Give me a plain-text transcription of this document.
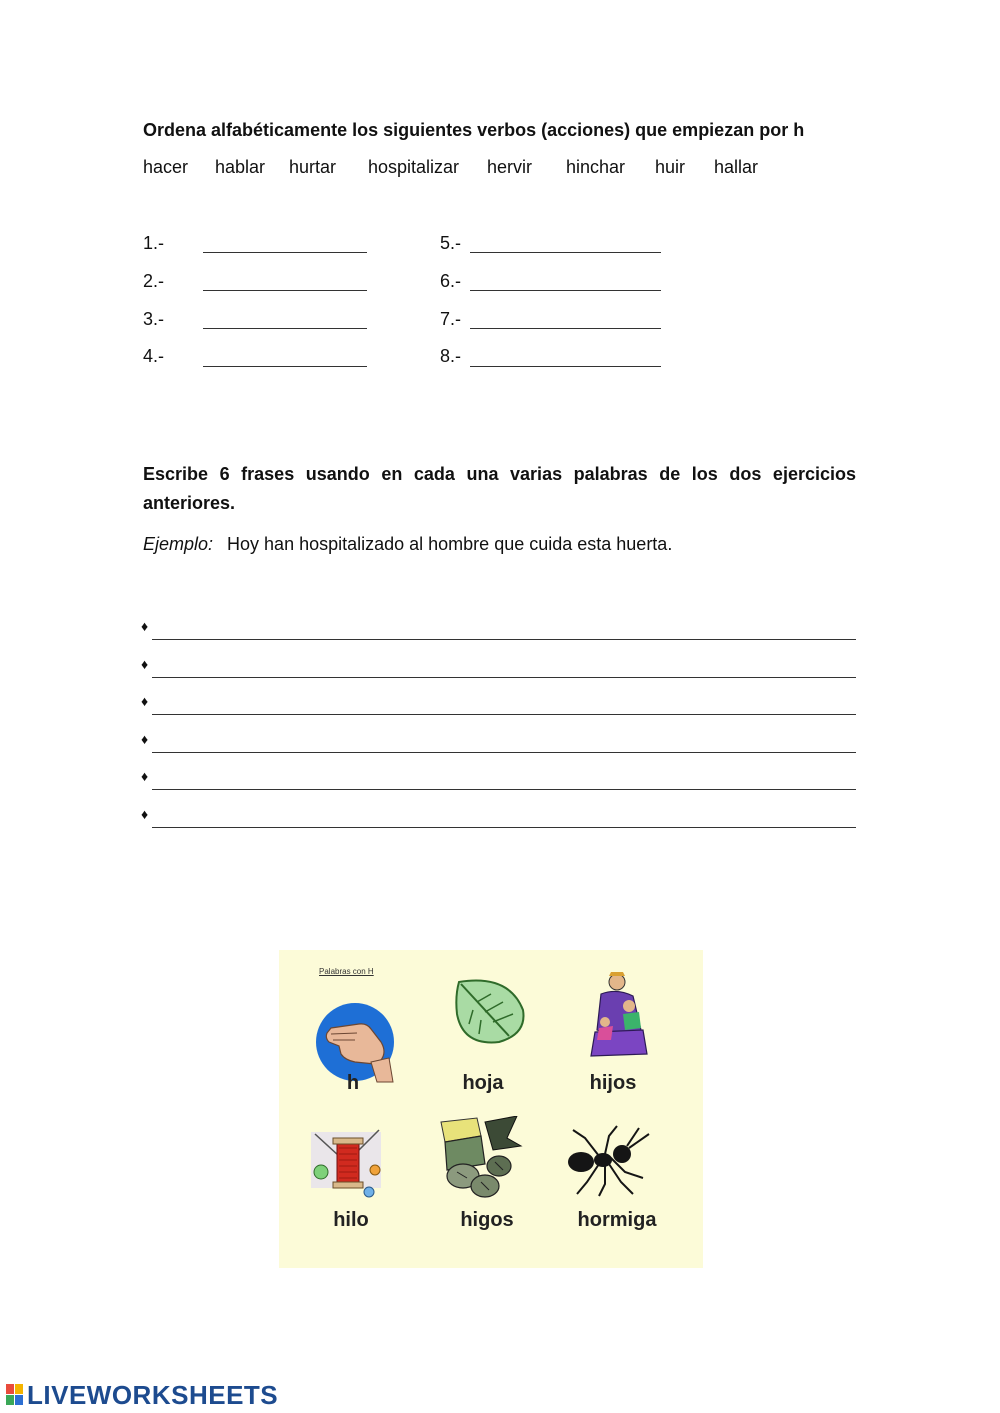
Ordena alfabéticamente los siguientes verbos (acciones) que empiezan por h
hacer hablar hurtar hospitalizar hervir hinchar huir hallar
1.-
2.-
3.-
4.-
5.-
6.-
7.-
8.-
Escribe 6 frases usando en cada una varias palabras de los dos ejercicios anteriores.
Ejemplo: Hoy han hospitalizado al hombre que cuida esta huerta.
♦
♦
♦
♦
♦
♦
Palabras con H
h	hoja	hijos
hilo	higos	hormiga
LIVEWORKSHEETS
